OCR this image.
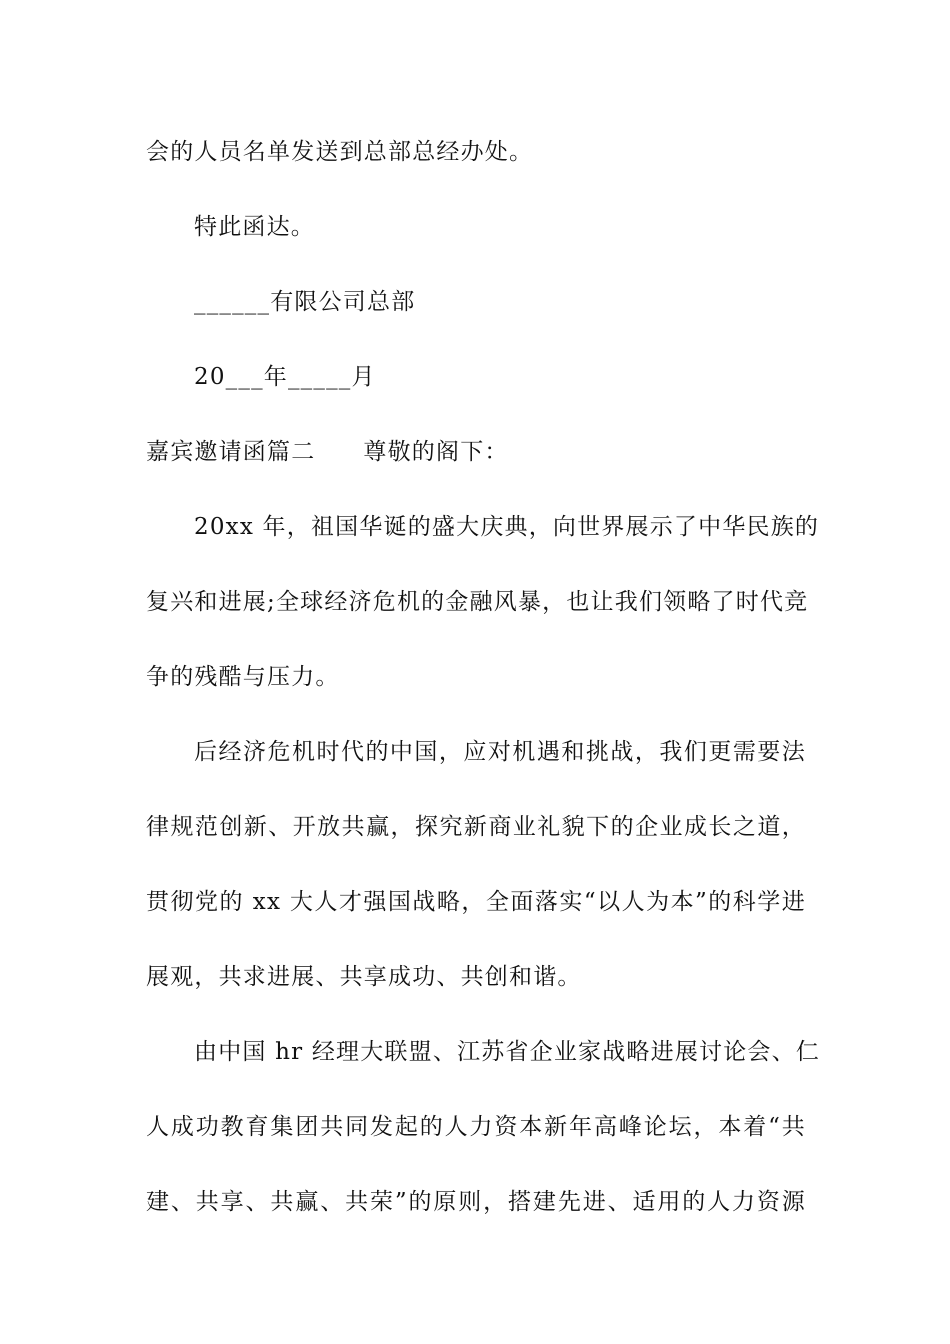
会的人员名单发送到总部总经办处。
特此函达。
______有限公司总部
20___年_____月
嘉宾邀请函篇二 尊敬的阁下：
20xx 年，祖国华诞的盛大庆典，向世界展示了中华民族的
复兴和进展;全球经济危机的金融风暴，也让我们领略了时代竞
争的残酷与压力。
后经济危机时代的中国，应对机遇和挑战，我们更需要法
律规范创新、开放共赢，探究新商业礼貌下的企业成长之道，
贯彻党的 xx 大人才强国战略，全面落实“以人为本”的科学进
展观，共求进展、共享成功、共创和谐。
由中国 hr 经理大联盟、江苏省企业家战略进展讨论会、仁
人成功教育集团共同发起的人力资本新年高峰论坛，本着“共
建、共享、共赢、共荣”的原则，搭建先进、适用的人力资源
